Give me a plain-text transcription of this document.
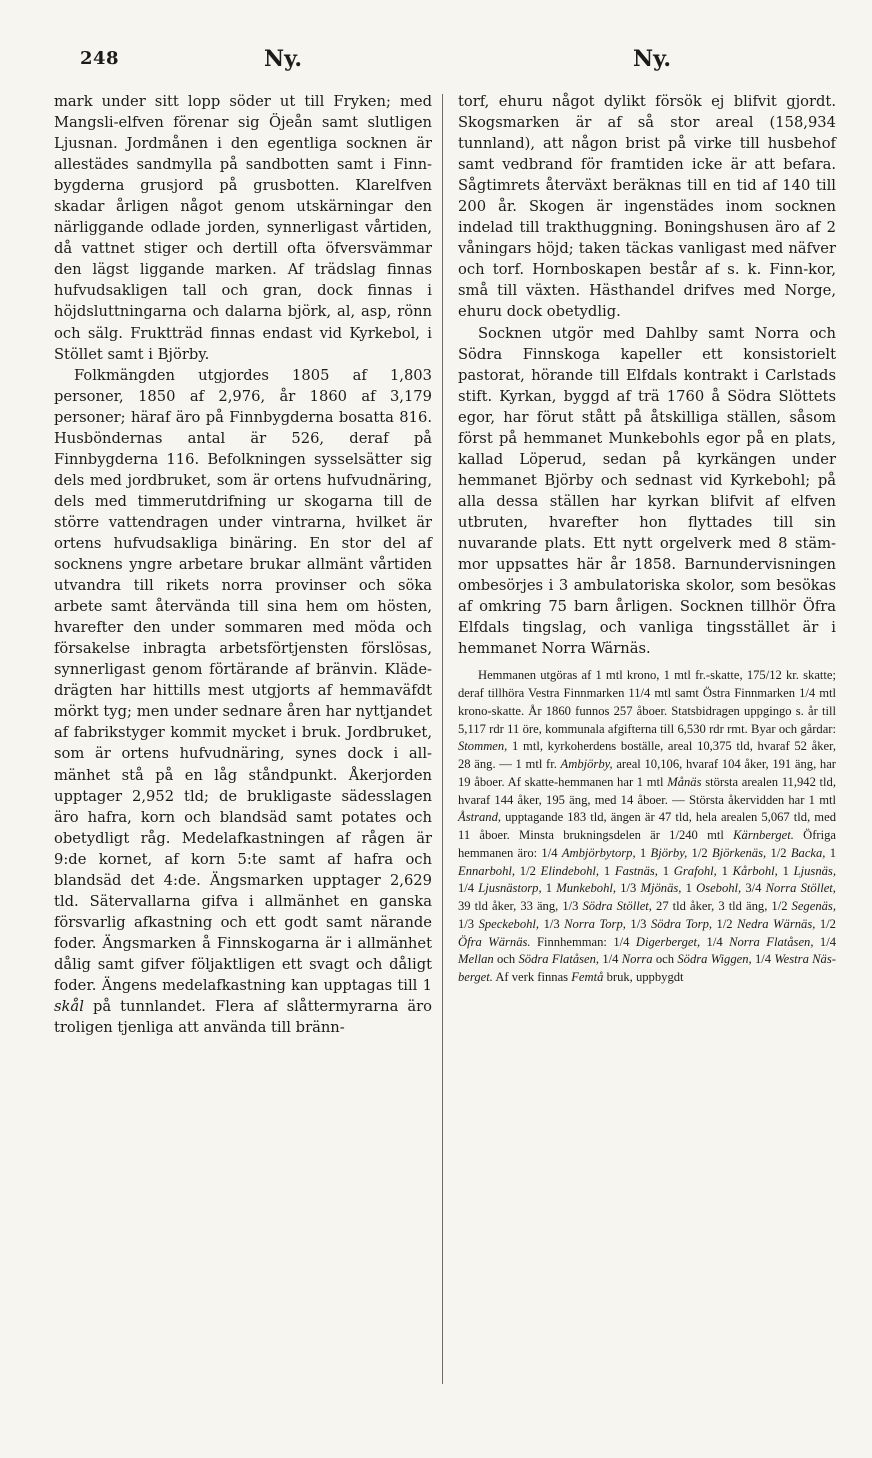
248	Ny.	Ny.

mark under sitt lopp söder ut till Fryken; med Mangsli-elfven förenar sig Öjeån samt slutligen Ljusnan. Jordmånen i den egentliga socknen är allestädes sandmylla på sandbotten samt i Finnbygderna grusjord på grusbotten. Klarelfven skadar årligen något genom utskärningar den närliggande odlade jorden, synnerligast vårtiden, då vattnet stiger och dertill ofta öfversvämmar den lägst liggande marken. Af trädslag finnas hufvudsakligen tall och gran, dock finnas i höjdsluttningarna och dalarna björk, al, asp, rönn och sälg. Fruktträd finnas endast vid Kyrkebol, i Stöllet samt i Björby.

Folkmängden utgjordes 1805 af 1,803 personer, 1850 af 2,976, år 1860 af 3,179 personer; häraf äro på Finnbygderna bosatta 816. Husböndernas antal är 526, deraf på Finnbygderna 116. Befolkningen sysselsätter sig dels med jordbruket, som är ortens hufvudnäring, dels med timmerutdrifning ur skogarna till de större vattendragen under vintrarna, hvilket är ortens hufvudsakliga binäring. En stor del af socknens yngre arbetare brukar allmänt vårtiden utvandra till rikets norra provinser och söka arbete samt återvända till sina hem om hösten, hvarefter den under sommaren med möda och försakelse inbragta arbetsförtjensten förslösas, synnerligast genom förtärande af bränvin. Klädedrägten har hittills mest utgjorts af hemmaväfdt mörkt tyg; men under sednare åren har nyttjandet af fabrikstyger kommit mycket i bruk. Jordbruket, som är ortens hufvudnäring, synes dock i allmänhet stå på en låg ståndpunkt. Åkerjorden upptager 2,952 tld; de brukligaste sädesslagen äro hafra, korn och blandsäd samt potates och obetydligt råg. Medelafkastningen af rågen är 9:de kornet, af korn 5:te samt af hafra och blandsäd det 4:de. Ängsmarken upptager 2,629 tld. Sätervallarna gifva i allmänhet en ganska försvarlig afkastning och ett godt samt närande foder. Ängsmarken å Finnskogarna är i allmänhet dålig samt gifver följaktligen ett svagt och dåligt foder. Ängens medelafkastning kan upptagas till 1 skål på tunnlandet. Flera af slåttermyrarna äro troligen tjenliga att använda till bränn-

torf, ehuru något dylikt försök ej blifvit gjordt. Skogsmarken är af så stor areal (158,934 tunnland), att någon brist på virke till husbehof samt vedbrand för framtiden icke är att befara. Sågtimrets återväxt beräknas till en tid af 140 till 200 år. Skogen är ingenstädes inom socknen indelad till trakthuggning. Boningshusen äro af 2 våningars höjd; taken täckas vanligast med näfver och torf. Hornboskapen består af s. k. Finn-kor, små till växten. Hästhandel drifves med Norge, ehuru dock obetydlig.

Socknen utgör med Dahlby samt Norra och Södra Finnskoga kapeller ett konsistorielt pastorat, hörande till Elfdals kontrakt i Carlstads stift. Kyrkan, byggd af trä 1760 å Södra Slöttets egor, har förut stått på åtskilliga ställen, såsom först på hemmanet Munkebohls egor på en plats, kallad Löperud, sedan på kyrkängen under hemmanet Björby och sednast vid Kyrkebohl; på alla dessa ställen har kyrkan blifvit af elfven utbruten, hvarefter hon flyttades till sin nuvarande plats. Ett nytt orgelverk med 8 stämmor uppsattes här år 1858. Barnundervisningen ombesörjes i 3 ambulatoriska skolor, som besökas af omkring 75 barn årligen. Socknen tillhör Öfra Elfdals tingslag, och vanliga tingsstället är i hemmanet Norra Wärnäs.

Hemmanen utgöras af 1 mtl krono, 1 mtl fr.-skatte, 175/12 kr. skatte; deraf tillhöra Vestra Finnmarken 11/4 mtl samt Östra Finnmarken 1/4 mtl krono-skatte. År 1860 funnos 257 åboer. Statsbidragen uppgingo s. år till 5,117 rdr 11 öre, kommunala afgifterna till 6,530 rdr rmt. Byar och gårdar: Stommen, 1 mtl, kyrkoherdens boställe, areal 10,375 tld, hvaraf 52 åker, 28 äng. — 1 mtl fr. Ambjörby, areal 10,106, hvaraf 104 åker, 191 äng, har 19 åboer. Af skatte-hemmanen har 1 mtl Månäs största arealen 11,942 tld, hvaraf 144 åker, 195 äng, med 14 åboer. — Största åkervidden har 1 mtl Åstrand, upptagande 183 tld, ängen är 47 tld, hela arealen 5,067 tld, med 11 åboer. Minsta brukningsdelen är 1/240 mtl Kärnberget. Öfriga hemmanen äro: 1/4 Ambjörbytorp, 1 Björby, 1/2 Björkenäs, 1/2 Backa, 1 Ennarbohl, 1/2 Elindebohl, 1 Fastnäs, 1 Grafohl, 1 Kårbohl, 1 Ljusnäs, 1/4 Ljusnästorp, 1 Munkebohl, 1/3 Mjönäs, 1 Osebohl, 3/4 Norra Stöllet, 39 tld åker, 33 äng, 1/3 Södra Stöllet, 27 tld åker, 3 tld äng, 1/2 Segenäs, 1/3 Speckebohl, 1/3 Norra Torp, 1/3 Södra Torp, 1/2 Nedra Wärnäs, 1/2 Öfra Wärnäs. Finnhemman: 1/4 Digerberget, 1/4 Norra Flatåsen, 1/4 Mellan och Södra Flatåsen, 1/4 Norra och Södra Wiggen, 1/4 Westra Näsberget. Af verk finnas Femtå bruk, uppbygdt
